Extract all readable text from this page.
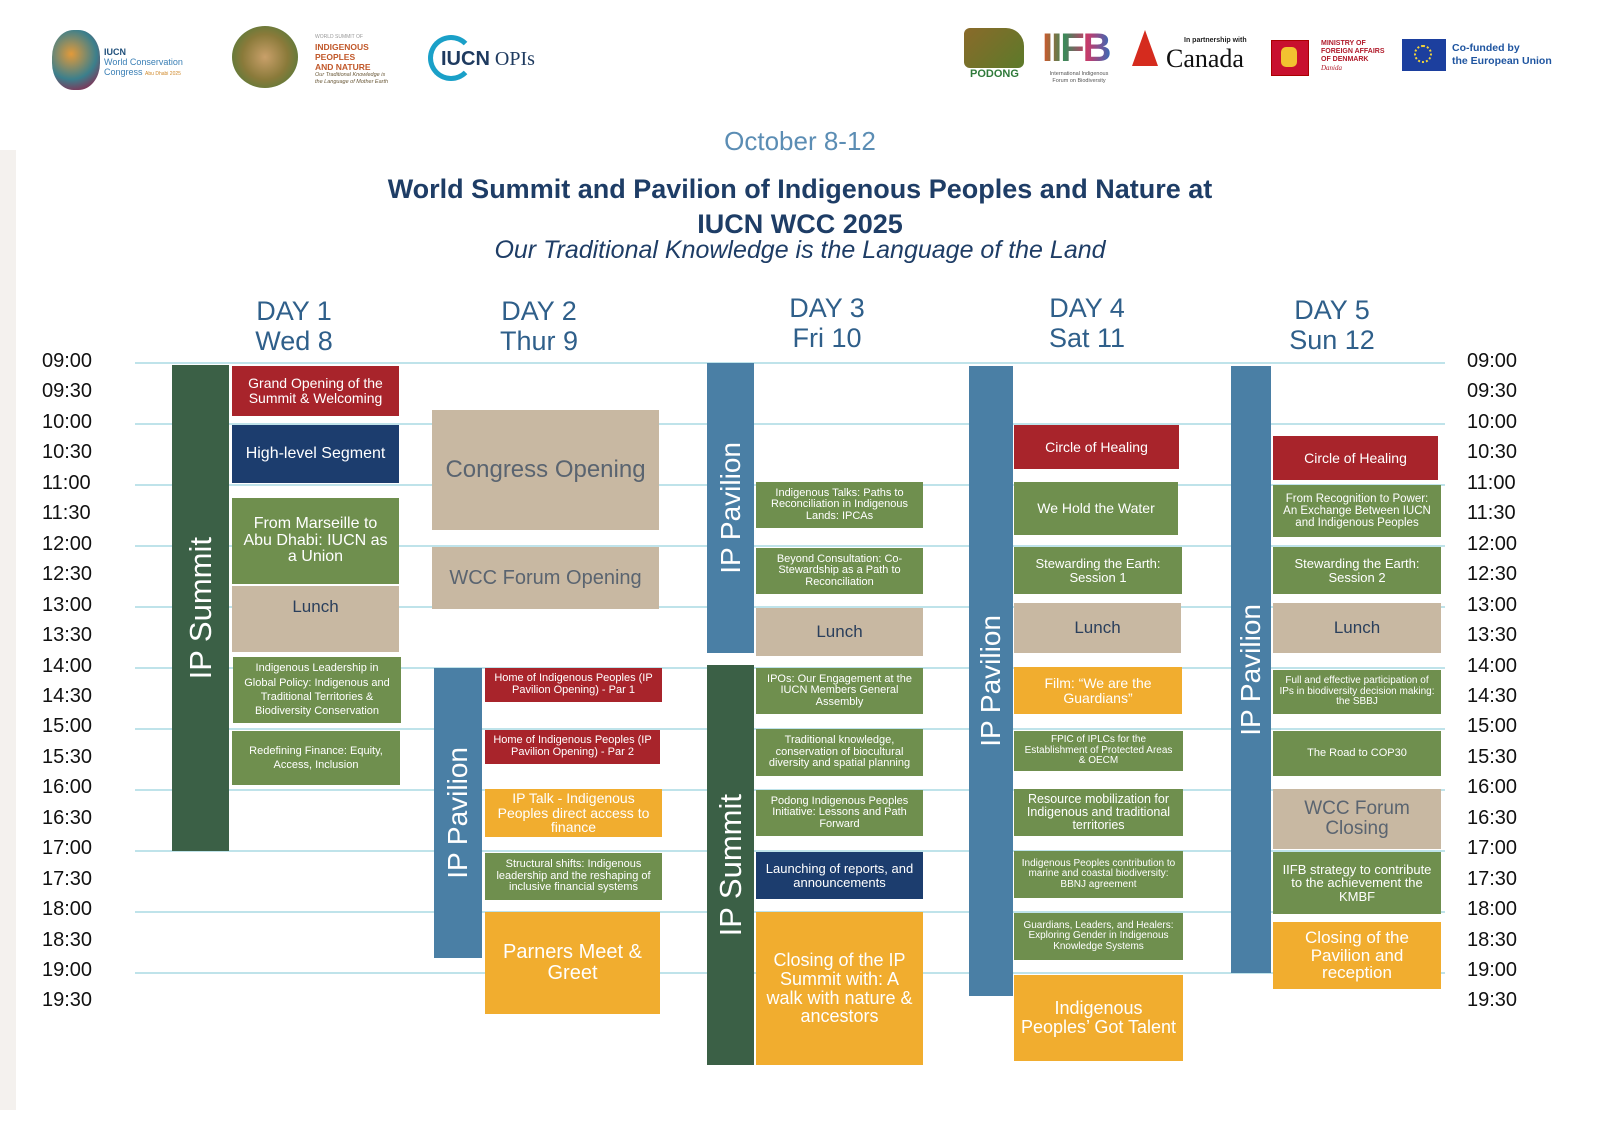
IUCN
World Conservation
Congress Abu Dhabi 2025
WORLD SUMMIT OF
INDIGENOUS
PEOPLES
AND NATURE
Our Traditional Knowledge is
the Language of Mother Earth
IUCN OPIs
PODONG
IIFB
International Indigenous
Forum on Biodiversity
In partnership with
Canada
MINISTRY OF
FOREIGN AFFAIRS
OF DENMARK
Danida
Co-funded by
the European Union
October 8-12
World Summit and Pavilion of Indigenous Peoples and Nature at
IUCN WCC 2025
Our Traditional Knowledge is the Language of the Land
DAY 1
Wed 8
DAY 2
Thur 9
DAY 3
Fri 10
DAY 4
Sat 11
DAY 5
Sun 12
09:00
09:30
10:00
10:30
11:00
11:30
12:00
12:30
13:00
13:30
14:00
14:30
15:00
15:30
16:00
16:30
17:00
17:30
18:00
18:30
19:00
19:30
09:00
09:30
10:00
10:30
11:00
11:30
12:00
12:30
13:00
13:30
14:00
14:30
15:00
15:30
16:00
16:30
17:00
17:30
18:00
18:30
19:00
19:30
IP Summit
IP Pavilion
IP Pavilion
IP Summit
IP Pavilion	IP Pavilion
Grand Opening of the Summit & Welcoming
High-level Segment
From Marseille to Abu Dhabi: IUCN as a Union
Lunch
Indigenous Leadership in Global Policy: Indigenous and Traditional Territories & Biodiversity Conservation
Redefining Finance: Equity, Access, Inclusion
Congress Opening
WCC Forum Opening
Home of Indigenous Peoples (IP Pavilion Opening) - Par 1
Home of Indigenous Peoples (IP Pavilion Opening) - Par 2
IP Talk - Indigenous Peoples direct access to finance
Structural shifts: Indigenous leadership and the reshaping of inclusive financial systems
Parners Meet & Greet
Indigenous Talks: Paths to Reconciliation in Indigenous Lands: IPCAs
Beyond Consultation: Co-Stewardship as a Path to Reconciliation
Lunch
IPOs: Our Engagement at the IUCN Members General Assembly
Traditional knowledge, conservation of biocultural diversity and spatial planning
Podong Indigenous Peoples Initiative: Lessons and Path Forward
Launching of reports, and announcements
Closing of the IP Summit with: A walk with nature & ancestors
Circle of Healing
We Hold the Water
Stewarding the Earth: Session 1
Lunch
Film: “We are the Guardians”
FPIC of IPLCs for the Establishment of Protected Areas & OECM
Resource mobilization for Indigenous and traditional territories
Indigenous Peoples contribution to marine and coastal biodiversity: BBNJ agreement
Guardians, Leaders, and Healers: Exploring Gender in Indigenous Knowledge Systems
Indigenous Peoples’ Got Talent
Circle of Healing
From Recognition to Power: An Exchange Between IUCN and Indigenous Peoples
Stewarding the Earth: Session 2
Lunch
Full and effective participation of IPs in biodiversity decision making: the SBBJ
The Road to COP30
WCC Forum Closing
IIFB strategy to contribute to the achievement the KMBF
Closing of the Pavilion and reception
